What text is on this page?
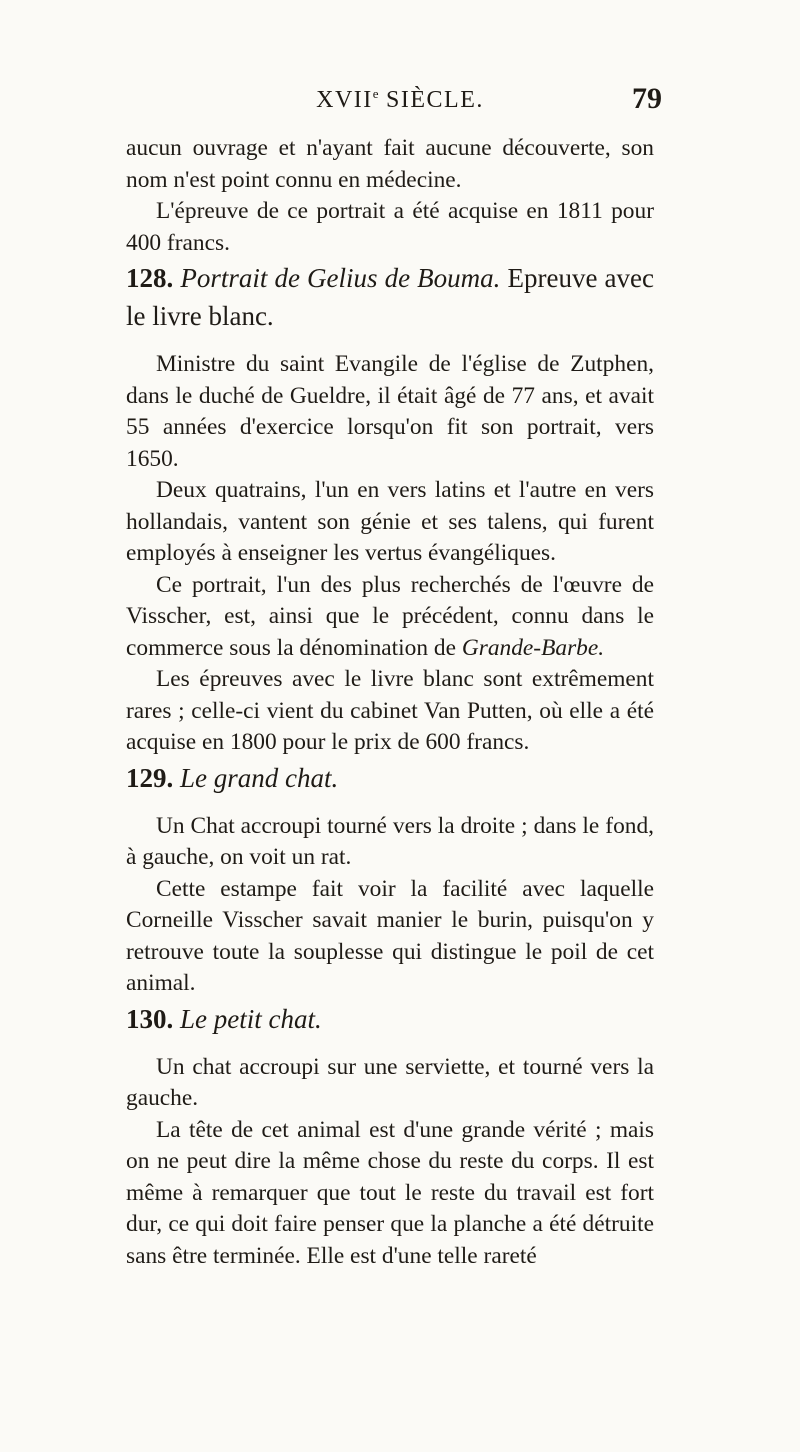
XVIIe SIÈCLE.	79

aucun ouvrage et n'ayant fait aucune découverte, son nom n'est point connu en médecine.

L'épreuve de ce portrait a été acquise en 1811 pour 400 francs.

128. Portrait de Gelius de Bouma. Epreuve avec le livre blanc.

Ministre du saint Evangile de l'église de Zutphen, dans le duché de Gueldre, il était âgé de 77 ans, et avait 55 années d'exercice lorsqu'on fit son portrait, vers 1650.

Deux quatrains, l'un en vers latins et l'autre en vers hollandais, vantent son génie et ses talens, qui furent employés à enseigner les vertus évangéliques.

Ce portrait, l'un des plus recherchés de l'œuvre de Visscher, est, ainsi que le précédent, connu dans le commerce sous la dénomination de Grande-Barbe.

Les épreuves avec le livre blanc sont extrêmement rares ; celle-ci vient du cabinet Van Putten, où elle a été acquise en 1800 pour le prix de 600 francs.

129. Le grand chat.

Un Chat accroupi tourné vers la droite ; dans le fond, à gauche, on voit un rat.

Cette estampe fait voir la facilité avec laquelle Corneille Visscher savait manier le burin, puisqu'on y retrouve toute la souplesse qui distingue le poil de cet animal.

130. Le petit chat.

Un chat accroupi sur une serviette, et tourné vers la gauche.

La tête de cet animal est d'une grande vérité ; mais on ne peut dire la même chose du reste du corps. Il est même à remarquer que tout le reste du travail est fort dur, ce qui doit faire penser que la planche a été détruite sans être terminée. Elle est d'une telle rareté
